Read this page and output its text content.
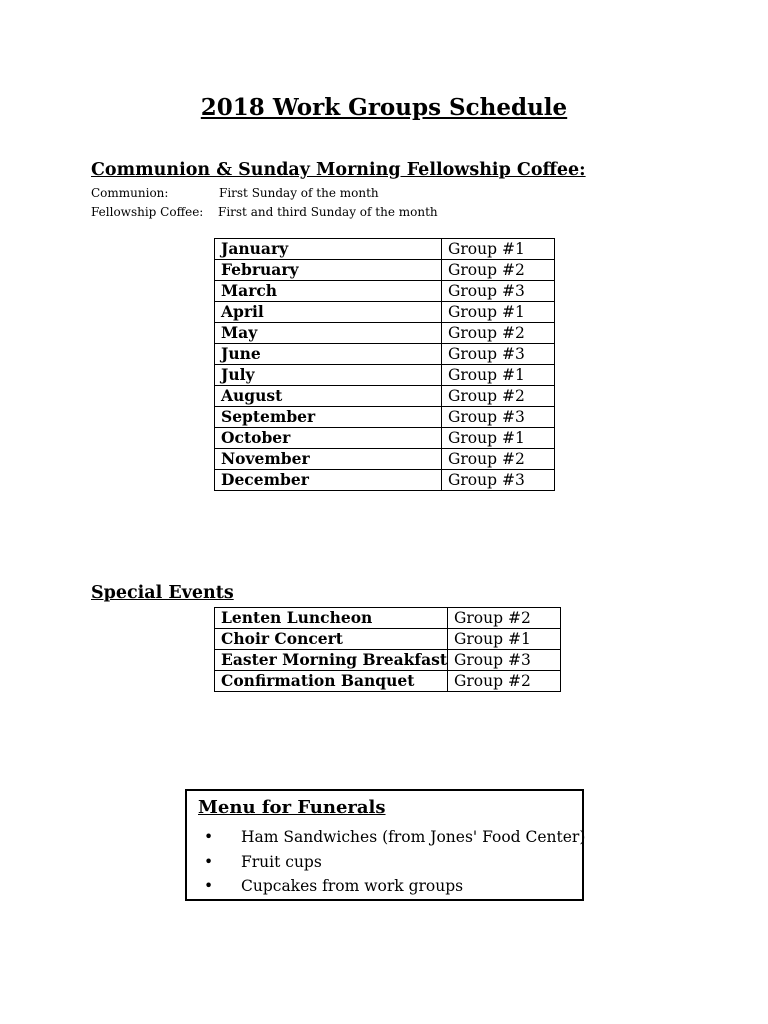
2018 Work Groups Schedule
Communion & Sunday Morning Fellowship Coffee:
Communion:	First Sunday of the month
Fellowship Coffee: First and third Sunday of the month
January	Group #1
February	Group #2
March	Group #3
April	Group #1
May	Group #2
June	Group #3
July	Group #1
August	Group #2
September	Group #3
October	Group #1
November	Group #2
December	Group #3
Special Events
Lenten Luncheon	Group #2
Choir Concert	Group #1
Easter Morning Breakfast	Group #3
Confirmation Banquet	Group #2
Menu for Funerals
• Ham Sandwiches (from Jones' Food Center)
• Fruit cups
• Cupcakes from work groups
